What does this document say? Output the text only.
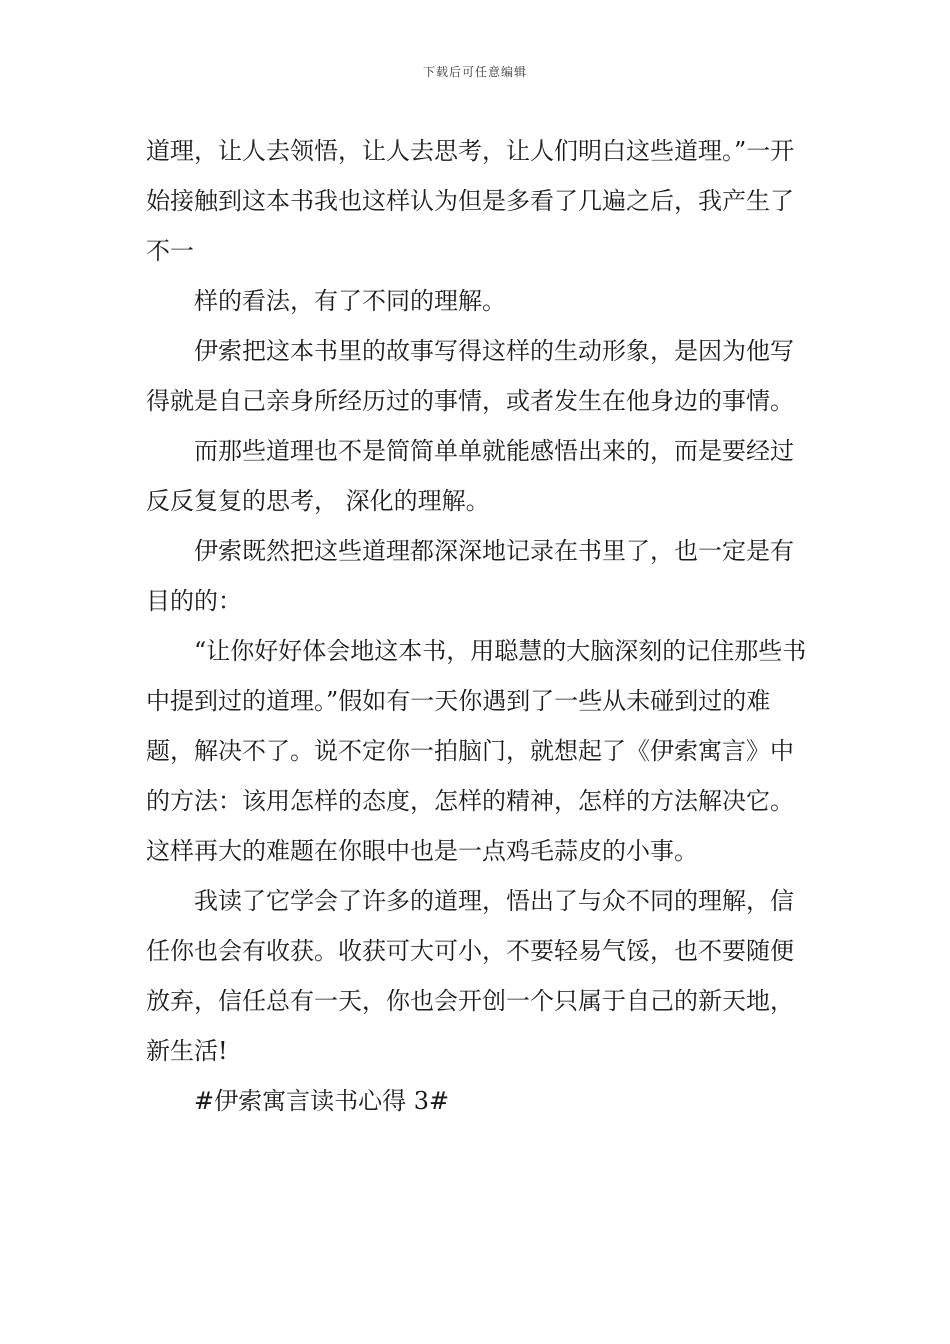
下载后可任意编辑

道理，让人去领悟，让人去思考，让人们明白这些道理。”一开始接触到这本书我也这样认为但是多看了几遍之后，我产生了不一

样的看法，有了不同的理解。

伊索把这本书里的故事写得这样的生动形象，是因为他写得就是自己亲身所经历过的事情，或者发生在他身边的事情。

而那些道理也不是简简单单就能感悟出来的，而是要经过反反复复的思考， 深化的理解。

伊索既然把这些道理都深深地记录在书里了，也一定是有目的的：

“让你好好体会地这本书，用聪慧的大脑深刻的记住那些书中提到过的道理。”假如有一天你遇到了一些从未碰到过的难题，解决不了。说不定你一拍脑门，就想起了《伊索寓言》中的方法：该用怎样的态度，怎样的精神，怎样的方法解决它。这样再大的难题在你眼中也是一点鸡毛蒜皮的小事。

我读了它学会了许多的道理，悟出了与众不同的理解，信任你也会有收获。收获可大可小，不要轻易气馁，也不要随便放弃，信任总有一天，你也会开创一个只属于自己的新天地，新生活!

#伊索寓言读书心得 3#
